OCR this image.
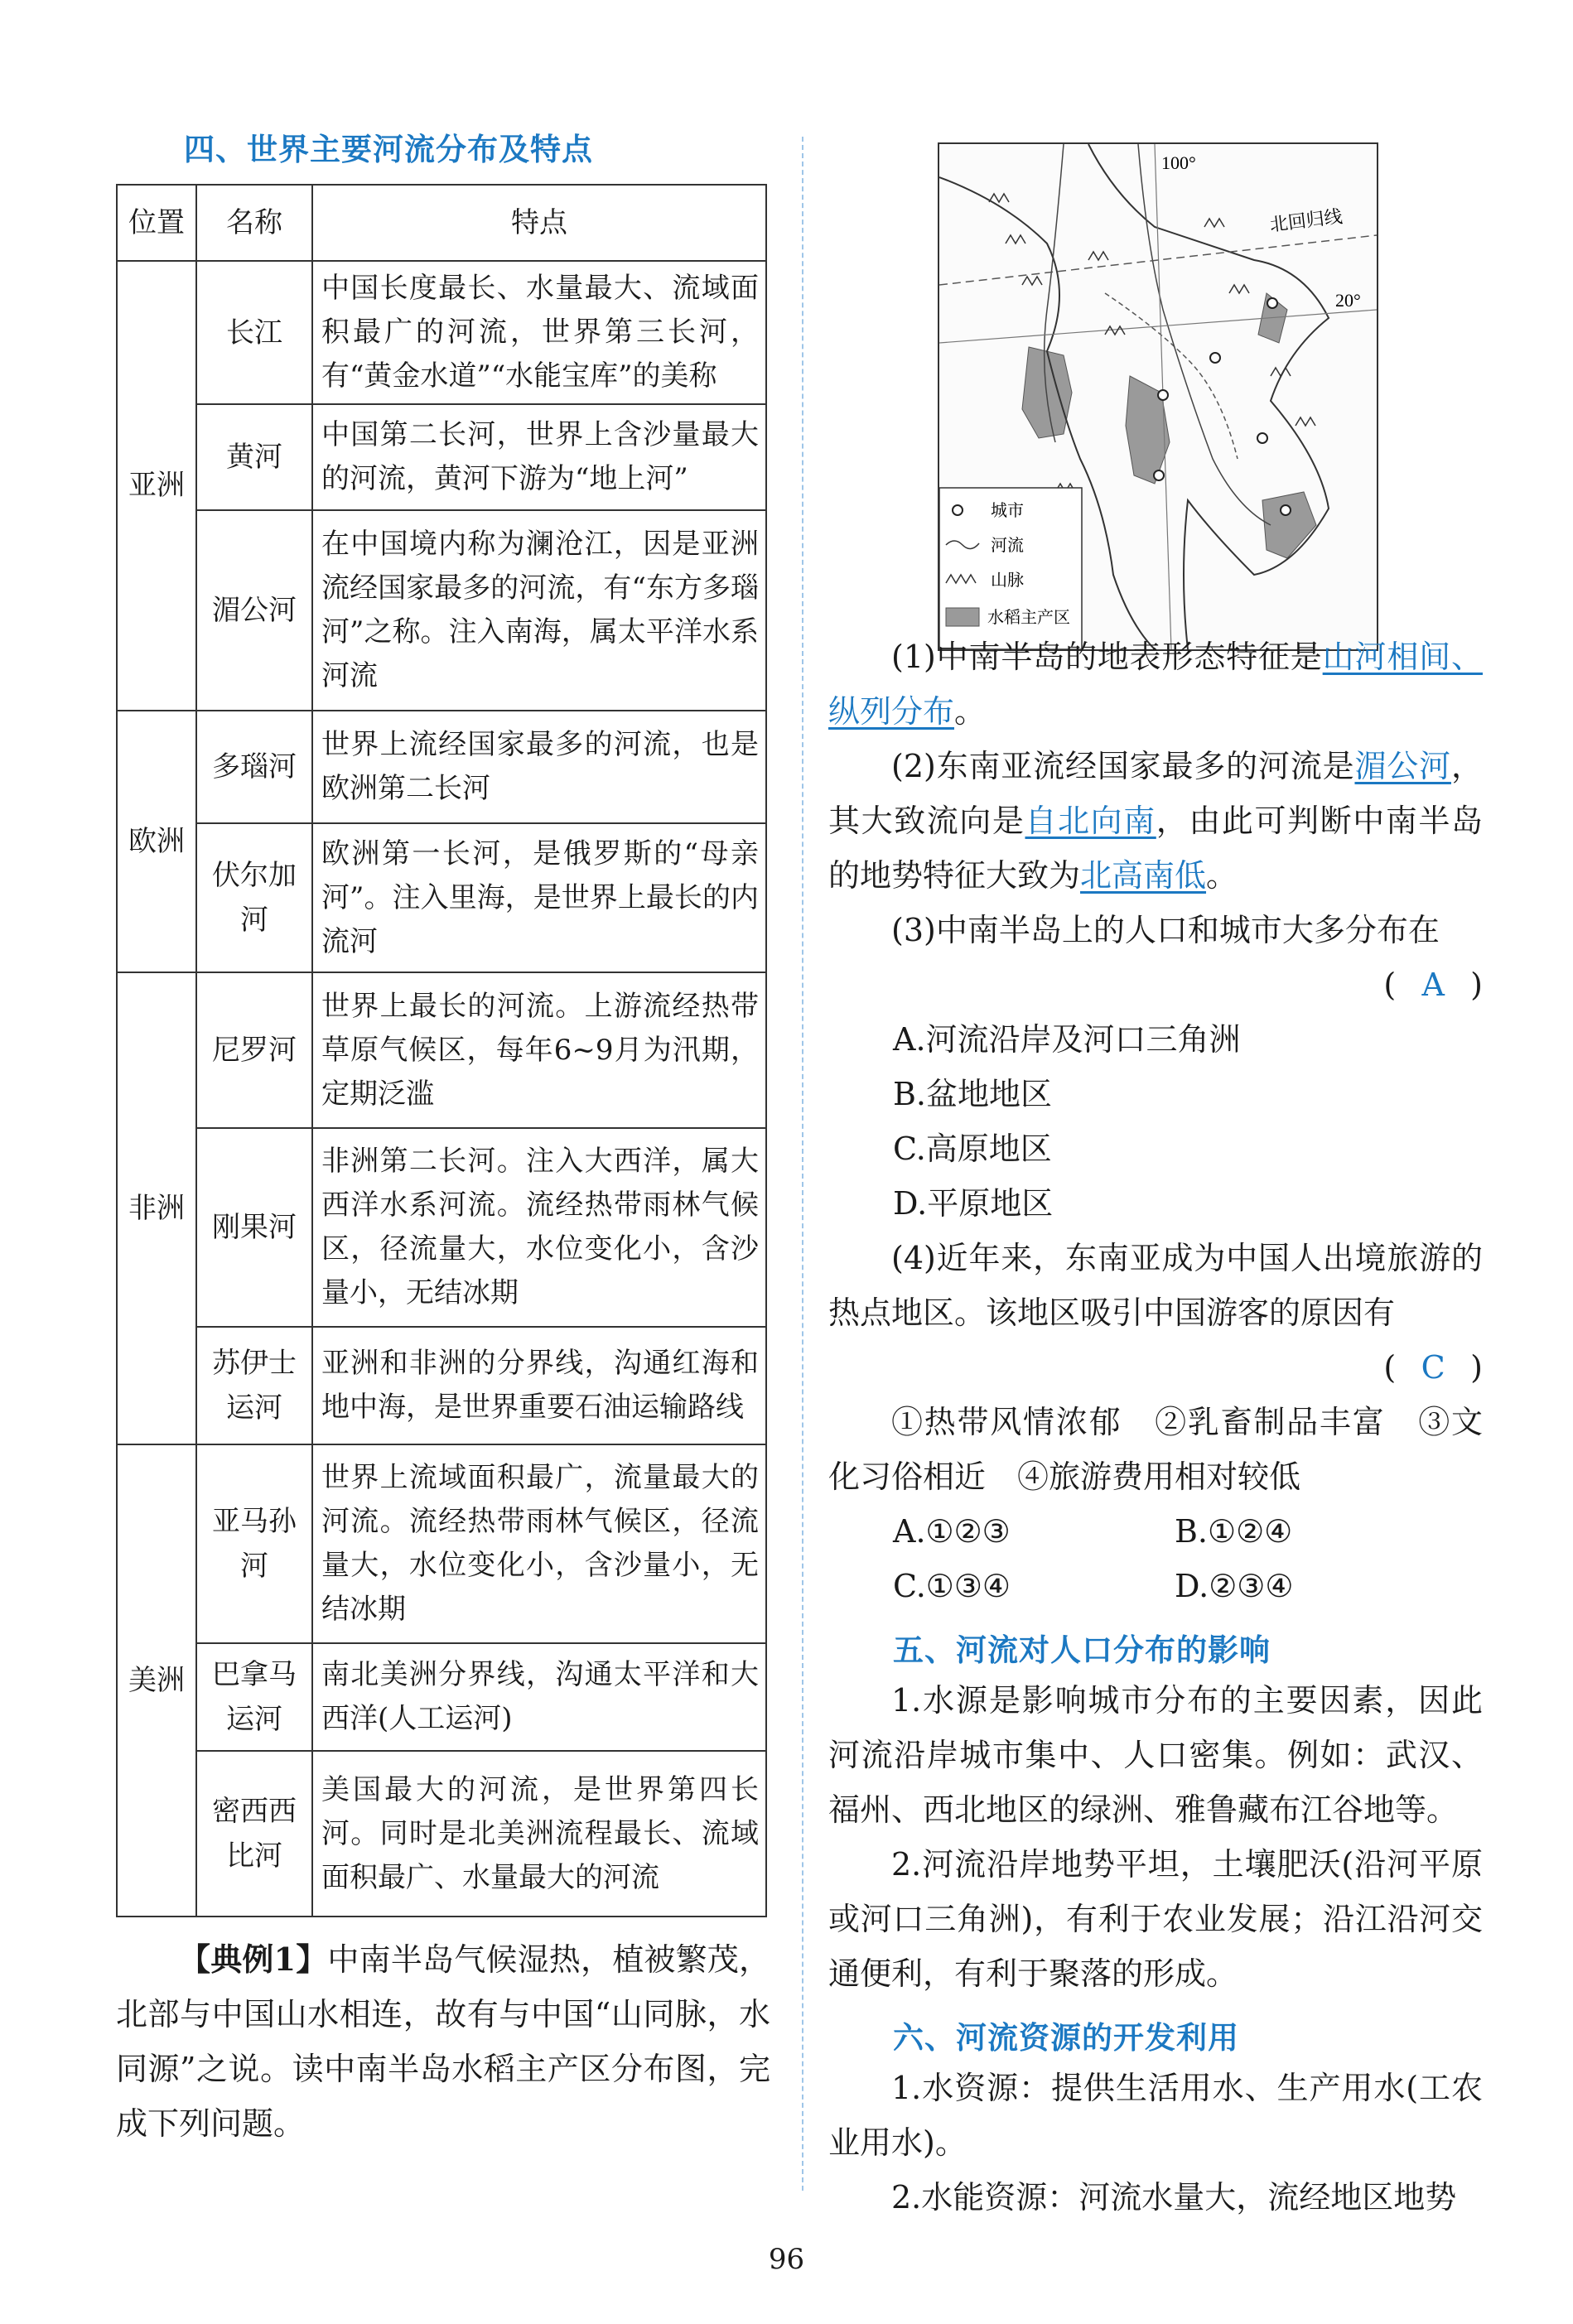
四、世界主要河流分布及特点
位置	名称	特点
亚洲	长江	中国长度最长、水量最大、流域面积最广的河流，世界第三长河，有“黄金水道”“水能宝库”的美称
	黄河	中国第二长河，世界上含沙量最大的河流，黄河下游为“地上河”
	湄公河	在中国境内称为澜沧江，因是亚洲流经国家最多的河流，有“东方多瑙河”之称。注入南海，属太平洋水系河流
欧洲	多瑙河	世界上流经国家最多的河流，也是欧洲第二长河
	伏尔加河	欧洲第一长河，是俄罗斯的“母亲河”。注入里海，是世界上最长的内流河
非洲	尼罗河	世界上最长的河流。上游流经热带草原气候区，每年6~9月为汛期，定期泛滥
	刚果河	非洲第二长河。注入大西洋，属大西洋水系河流。流经热带雨林气候区，径流量大，水位变化小，含沙量小，无结冰期
	苏伊士运河	亚洲和非洲的分界线，沟通红海和地中海，是世界重要石油运输路线
美洲	亚马孙河	世界上流域面积最广，流量最大的河流。流经热带雨林气候区，径流量大，水位变化小，含沙量小，无结冰期
	巴拿马运河	南北美洲分界线，沟通太平洋和大西洋(人工运河)
	密西西比河	美国最大的河流，是世界第四长河。同时是北美洲流程最长、流域面积最广、水量最大的河流

【典例1】中南半岛气候湿热，植被繁茂，北部与中国山水相连，故有与中国“山同脉，水同源”之说。读中南半岛水稻主产区分布图，完成下列问题。

100°
20°
北回归线
城市
河流
山脉
水稻主产区

(1)中南半岛的地表形态特征是山河相间、纵列分布。

(2)东南亚流经国家最多的河流是湄公河，其大致流向是自北向南，由此可判断中南半岛的地势特征大致为北高南低。

(3)中南半岛上的人口和城市大多分布在

( A )

A.河流沿岸及河口三角洲

B.盆地地区

C.高原地区

D.平原地区

(4)近年来，东南亚成为中国人出境旅游的热点地区。该地区吸引中国游客的原因有

( C )

①热带风情浓郁　②乳畜制品丰富　③文化习俗相近　④旅游费用相对较低

A.①②③	B.①②④
C.①③④	D.②③④
五、河流对人口分布的影响

1.水源是影响城市分布的主要因素，因此河流沿岸城市集中、人口密集。例如：武汉、福州、西北地区的绿洲、雅鲁藏布江谷地等。

2.河流沿岸地势平坦，土壤肥沃(沿河平原或河口三角洲)，有利于农业发展；沿江沿河交通便利，有利于聚落的形成。

六、河流资源的开发利用

1.水资源：提供生活用水、生产用水(工农业用水)。

2.水能资源：河流水量大，流经地区地势

96
